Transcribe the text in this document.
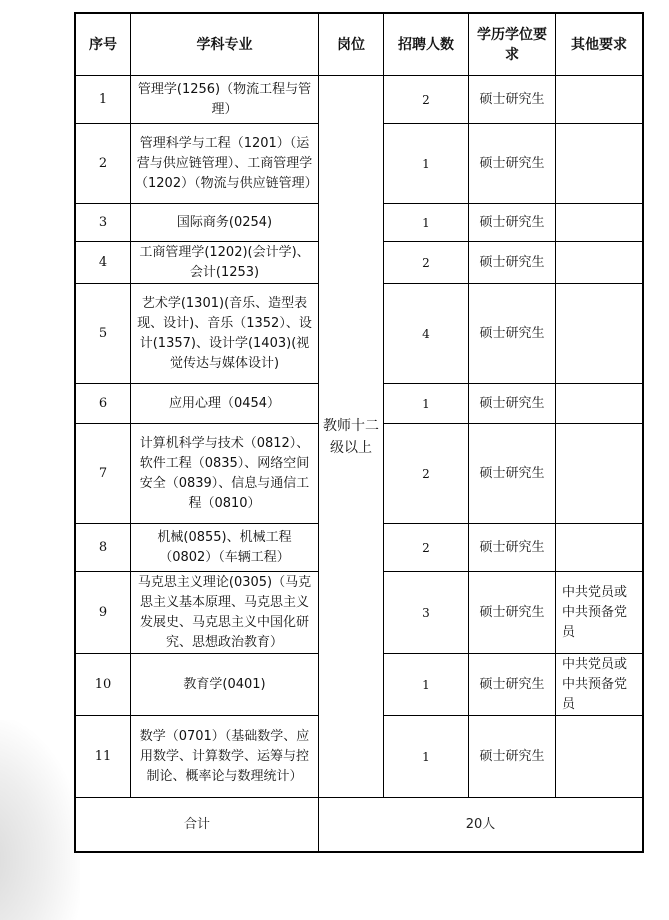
序号	学科专业	岗位	招聘人数	学历学位要求	其他要求
1	管理学(1256)（物流工程与管理）	教师十二级以上	2	硕士研究生	
2	管理科学与工程（1201）（运营与供应链管理）、工商管理学（1202）（物流与供应链管理）		1	硕士研究生	
3	国际商务(0254)		1	硕士研究生	
4	工商管理学(1202)(会计学)、会计(1253)		2	硕士研究生	
5	艺术学(1301)(音乐、造型表现、设计)、音乐（1352）、设计(1357)、设计学(1403)(视觉传达与媒体设计)		4	硕士研究生	
6	应用心理（0454）		1	硕士研究生	
7	计算机科学与技术（0812）、软件工程（0835）、网络空间安全（0839）、信息与通信工程（0810）		2	硕士研究生	
8	机械(0855)、机械工程（0802）（车辆工程）		2	硕士研究生	
9	马克思主义理论(0305)（马克思主义基本原理、马克思主义发展史、马克思主义中国化研究、思想政治教育）		3	硕士研究生	中共党员或中共预备党员
10	教育学(0401)		1	硕士研究生	中共党员或中共预备党员
11	数学（0701）（基础数学、应用数学、计算数学、运筹与控制论、概率论与数理统计）		1	硕士研究生	
合计		20人			
